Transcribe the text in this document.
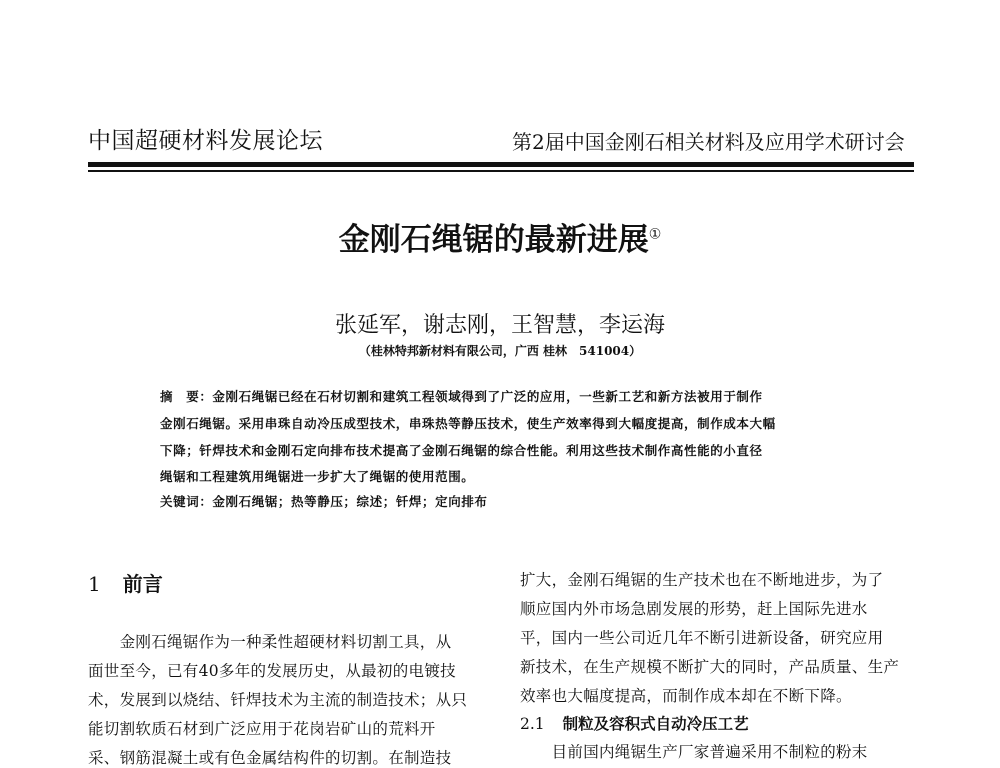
中国超硬材料发展论坛	第2届中国金刚石相关材料及应用学术研讨会
金刚石绳锯的最新进展①
张延军，谢志刚，王智慧，李运海
（桂林特邦新材料有限公司，广西 桂林　541004）
摘　要：金刚石绳锯已经在石材切割和建筑工程领域得到了广泛的应用，一些新工艺和新方法被用于制作
金刚石绳锯。采用串珠自动冷压成型技术，串珠热等静压技术，使生产效率得到大幅度提高，制作成本大幅
下降；钎焊技术和金刚石定向排布技术提高了金刚石绳锯的综合性能。利用这些技术制作高性能的小直径
绳锯和工程建筑用绳锯进一步扩大了绳锯的使用范围。
关键词：金刚石绳锯；热等静压；综述；钎焊；定向排布
1 前言
　　金刚石绳锯作为一种柔性超硬材料切割工具，从
面世至今，已有40多年的发展历史，从最初的电镀技
术，发展到以烧结、钎焊技术为主流的制造技术；从只
能切割软质石材到广泛应用于花岗岩矿山的荒料开
采、钢筋混凝土或有色金属结构件的切割。在制造技
扩大，金刚石绳锯的生产技术也在不断地进步，为了
顺应国内外市场急剧发展的形势，赶上国际先进水
平，国内一些公司近几年不断引进新设备，研究应用
新技术，在生产规模不断扩大的同时，产品质量、生产
效率也大幅度提高，而制作成本却在不断下降。
2.1 制粒及容积式自动冷压工艺
　　目前国内绳锯生产厂家普遍采用不制粒的粉末
